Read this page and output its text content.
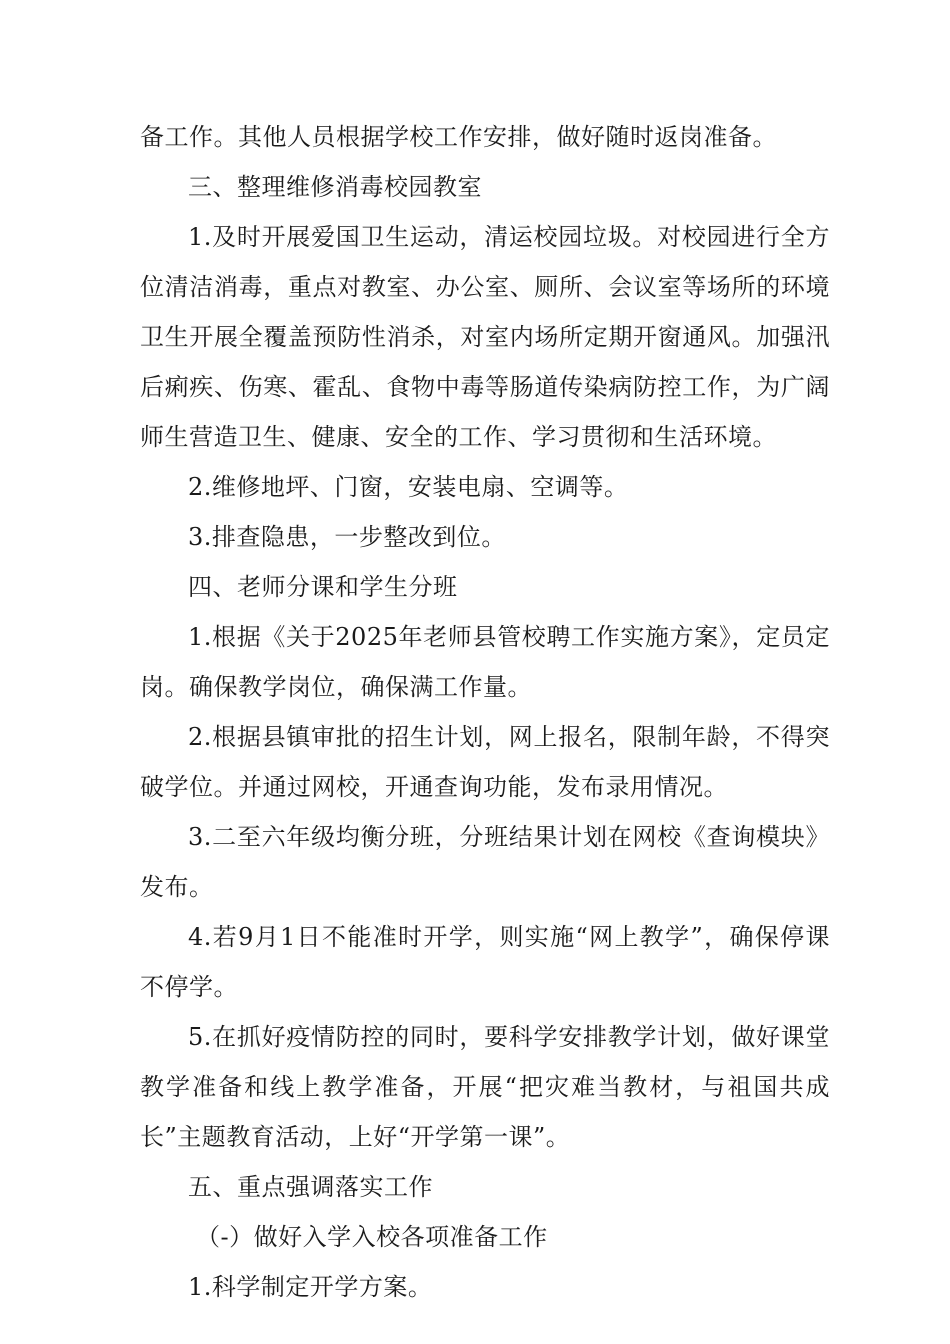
备工作。其他人员根据学校工作安排，做好随时返岗准备。

三、整理维修消毒校园教室

1.及时开展爱国卫生运动，清运校园垃圾。对校园进行全方位清洁消毒，重点对教室、办公室、厕所、会议室等场所的环境卫生开展全覆盖预防性消杀，对室内场所定期开窗通风。加强汛后痢疾、伤寒、霍乱、食物中毒等肠道传染病防控工作，为广阔师生营造卫生、健康、安全的工作、学习贯彻和生活环境。

2.维修地坪、门窗，安装电扇、空调等。

3.排查隐患，一步整改到位。

四、老师分课和学生分班

1.根据《关于2025年老师县管校聘工作实施方案》，定员定岗。确保教学岗位，确保满工作量。

2.根据县镇审批的招生计划，网上报名，限制年龄，不得突破学位。并通过网校，开通查询功能，发布录用情况。

3.二至六年级均衡分班，分班结果计划在网校《查询模块》发布。

4.若9月1日不能准时开学，则实施“网上教学”，确保停课不停学。

5.在抓好疫情防控的同时，要科学安排教学计划，做好课堂教学准备和线上教学准备，开展“把灾难当教材，与祖国共成长”主题教育活动，上好“开学第一课”。

五、重点强调落实工作

（-）做好入学入校各项准备工作

1.科学制定开学方案。
